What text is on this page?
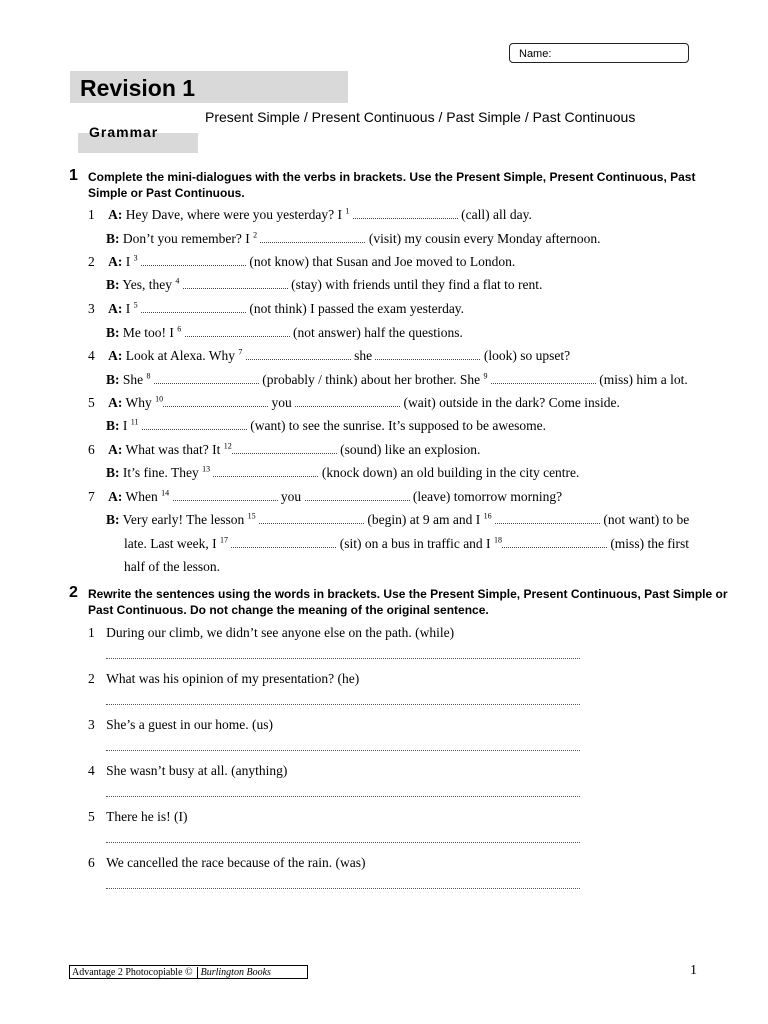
Name:
Revision 1
Present Simple / Present Continuous / Past Simple / Past Continuous
Grammar
1 Complete the mini-dialogues with the verbs in brackets. Use the Present Simple, Present Continuous, Past Simple or Past Continuous.
1 A: Hey Dave, where were you yesterday? I $^1$	(call) all day.
B: Don’t you remember? I $^2$	(visit) my cousin every Monday afternoon.
2 A: I $^3$	(not know) that Susan and Joe moved to London.
B: Yes, they $^4$	(stay) with friends until they find a flat to rent.
3 A: I $^5$	(not think) I passed the exam yesterday.
B: Me too! I $^6$	(not answer) half the questions.
4 A: Look at Alexa. Why $^7$	she	(look) so upset?
B: She $^8$	(probably / think) about her brother. She $^9$	(miss) him a lot.
5 A: Why $^{10}$	you	(wait) outside in the dark? Come inside.
B: I $^{11}$	(want) to see the sunrise. It’s supposed to be awesome.
6 A: What was that? It $^{12}$	(sound) like an explosion.
B: It’s fine. They $^{13}$	(knock down) an old building in the city centre.
7 A: When $^{14}$	you	(leave) tomorrow morning?
B: Very early! The lesson $^{15}$	(begin) at 9 am and I $^{16}$	(not want) to be
late. Last week, I $^{17}$	(sit) on a bus in traffic and I $^{18}$	(miss) the first
half of the lesson.
2 Rewrite the sentences using the words in brackets. Use the Present Simple, Present Continuous, Past Simple or Past Continuous. Do not change the meaning of the original sentence.
1 During our climb, we didn’t see anyone else on the path. (while)
2 What was his opinion of my presentation? (he)
3 She’s a guest in our home. (us)
4 She wasn’t busy at all. (anything)
5 There he is! (I)
6 We cancelled the race because of the rain. (was)
Advantage 2 Photocopiable © Burlington Books	1
